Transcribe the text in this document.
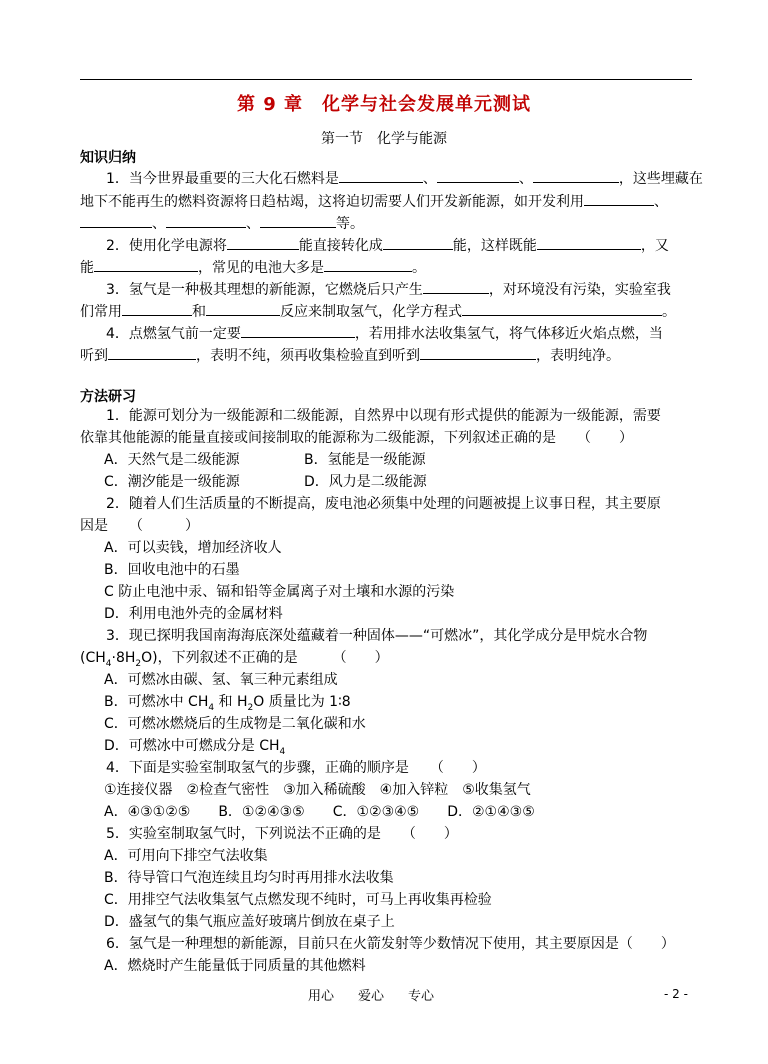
第 9 章　化学与社会发展单元测试
第一节　化学与能源
知识归纳
1．当今世界最重要的三大化石燃料是	、	、	，这些埋藏在
地下不能再生的燃料资源将日趋枯竭，这将迫切需要人们开发新能源，如开发利用	、
、	、	等。
2．使用化学电源将	能直接转化成	能，这样既能	，又
能	，常见的电池大多是	。
3．氢气是一种极其理想的新能源，它燃烧后只产生	，对环境没有污染，实验室我
们常用	和	反应来制取氢气，化学方程式	。
4．点燃氢气前一定要	，若用排水法收集氢气，将气体移近火焰点燃，当
听到	，表明不纯，须再收集检验直到听到	，表明纯净。
方法研习
1．能源可划分为一级能源和二级能源，自然界中以现有形式提供的能源为一级能源，需要
依靠其他能源的能量直接或间接制取的能源称为二级能源，下列叙述正确的是　　（　　）
A．天然气是二级能源	B．氢能是一级能源
C．潮汐能是一级能源	D．风力是二级能源
2．随着人们生活质量的不断提高，废电池必须集中处理的问题被提上议事日程，其主要原
因是　　（　　　）
A．可以卖钱，增加经济收人
B．回收电池中的石墨
C 防止电池中汞、镉和铅等金属离子对土壤和水源的污染
D．利用电池外壳的金属材料
3．现已探明我国南海海底深处蕴藏着一种固体——“可燃冰”，其化学成分是甲烷水合物
$(CH_4\cdot 8H_2O)$，下列叙述不正确的是　　　（　　）
A．可燃冰由碳、氢、氧三种元素组成
B．可燃冰中 $CH_4$ 和 $H_2O$ 质量比为 1∶8
C．可燃冰燃烧后的生成物是二氧化碳和水
D．可燃冰中可燃成分是 $CH_4$
4．下面是实验室制取氢气的步骤，正确的顺序是　　（　　）
①连接仪器　②检查气密性　③加入稀硫酸　④加入锌粒　⑤收集氢气
A．④③①②⑤　　B．①②④③⑤　　C．①②③④⑤　　D．②①④③⑤
5．实验室制取氢气时，下列说法不正确的是　　（　　）
A．可用向下排空气法收集
B．待导管口气泡连续且均匀时再用排水法收集
C．用排空气法收集氢气点燃发现不纯时，可马上再收集再检验
D．盛氢气的集气瓶应盖好玻璃片倒放在桌子上
6．氢气是一种理想的新能源，目前只在火箭发射等少数情况下使用，其主要原因是（　　）
A．燃烧时产生能量低于同质量的其他燃料
用心 爱心 专心	- 2 -
